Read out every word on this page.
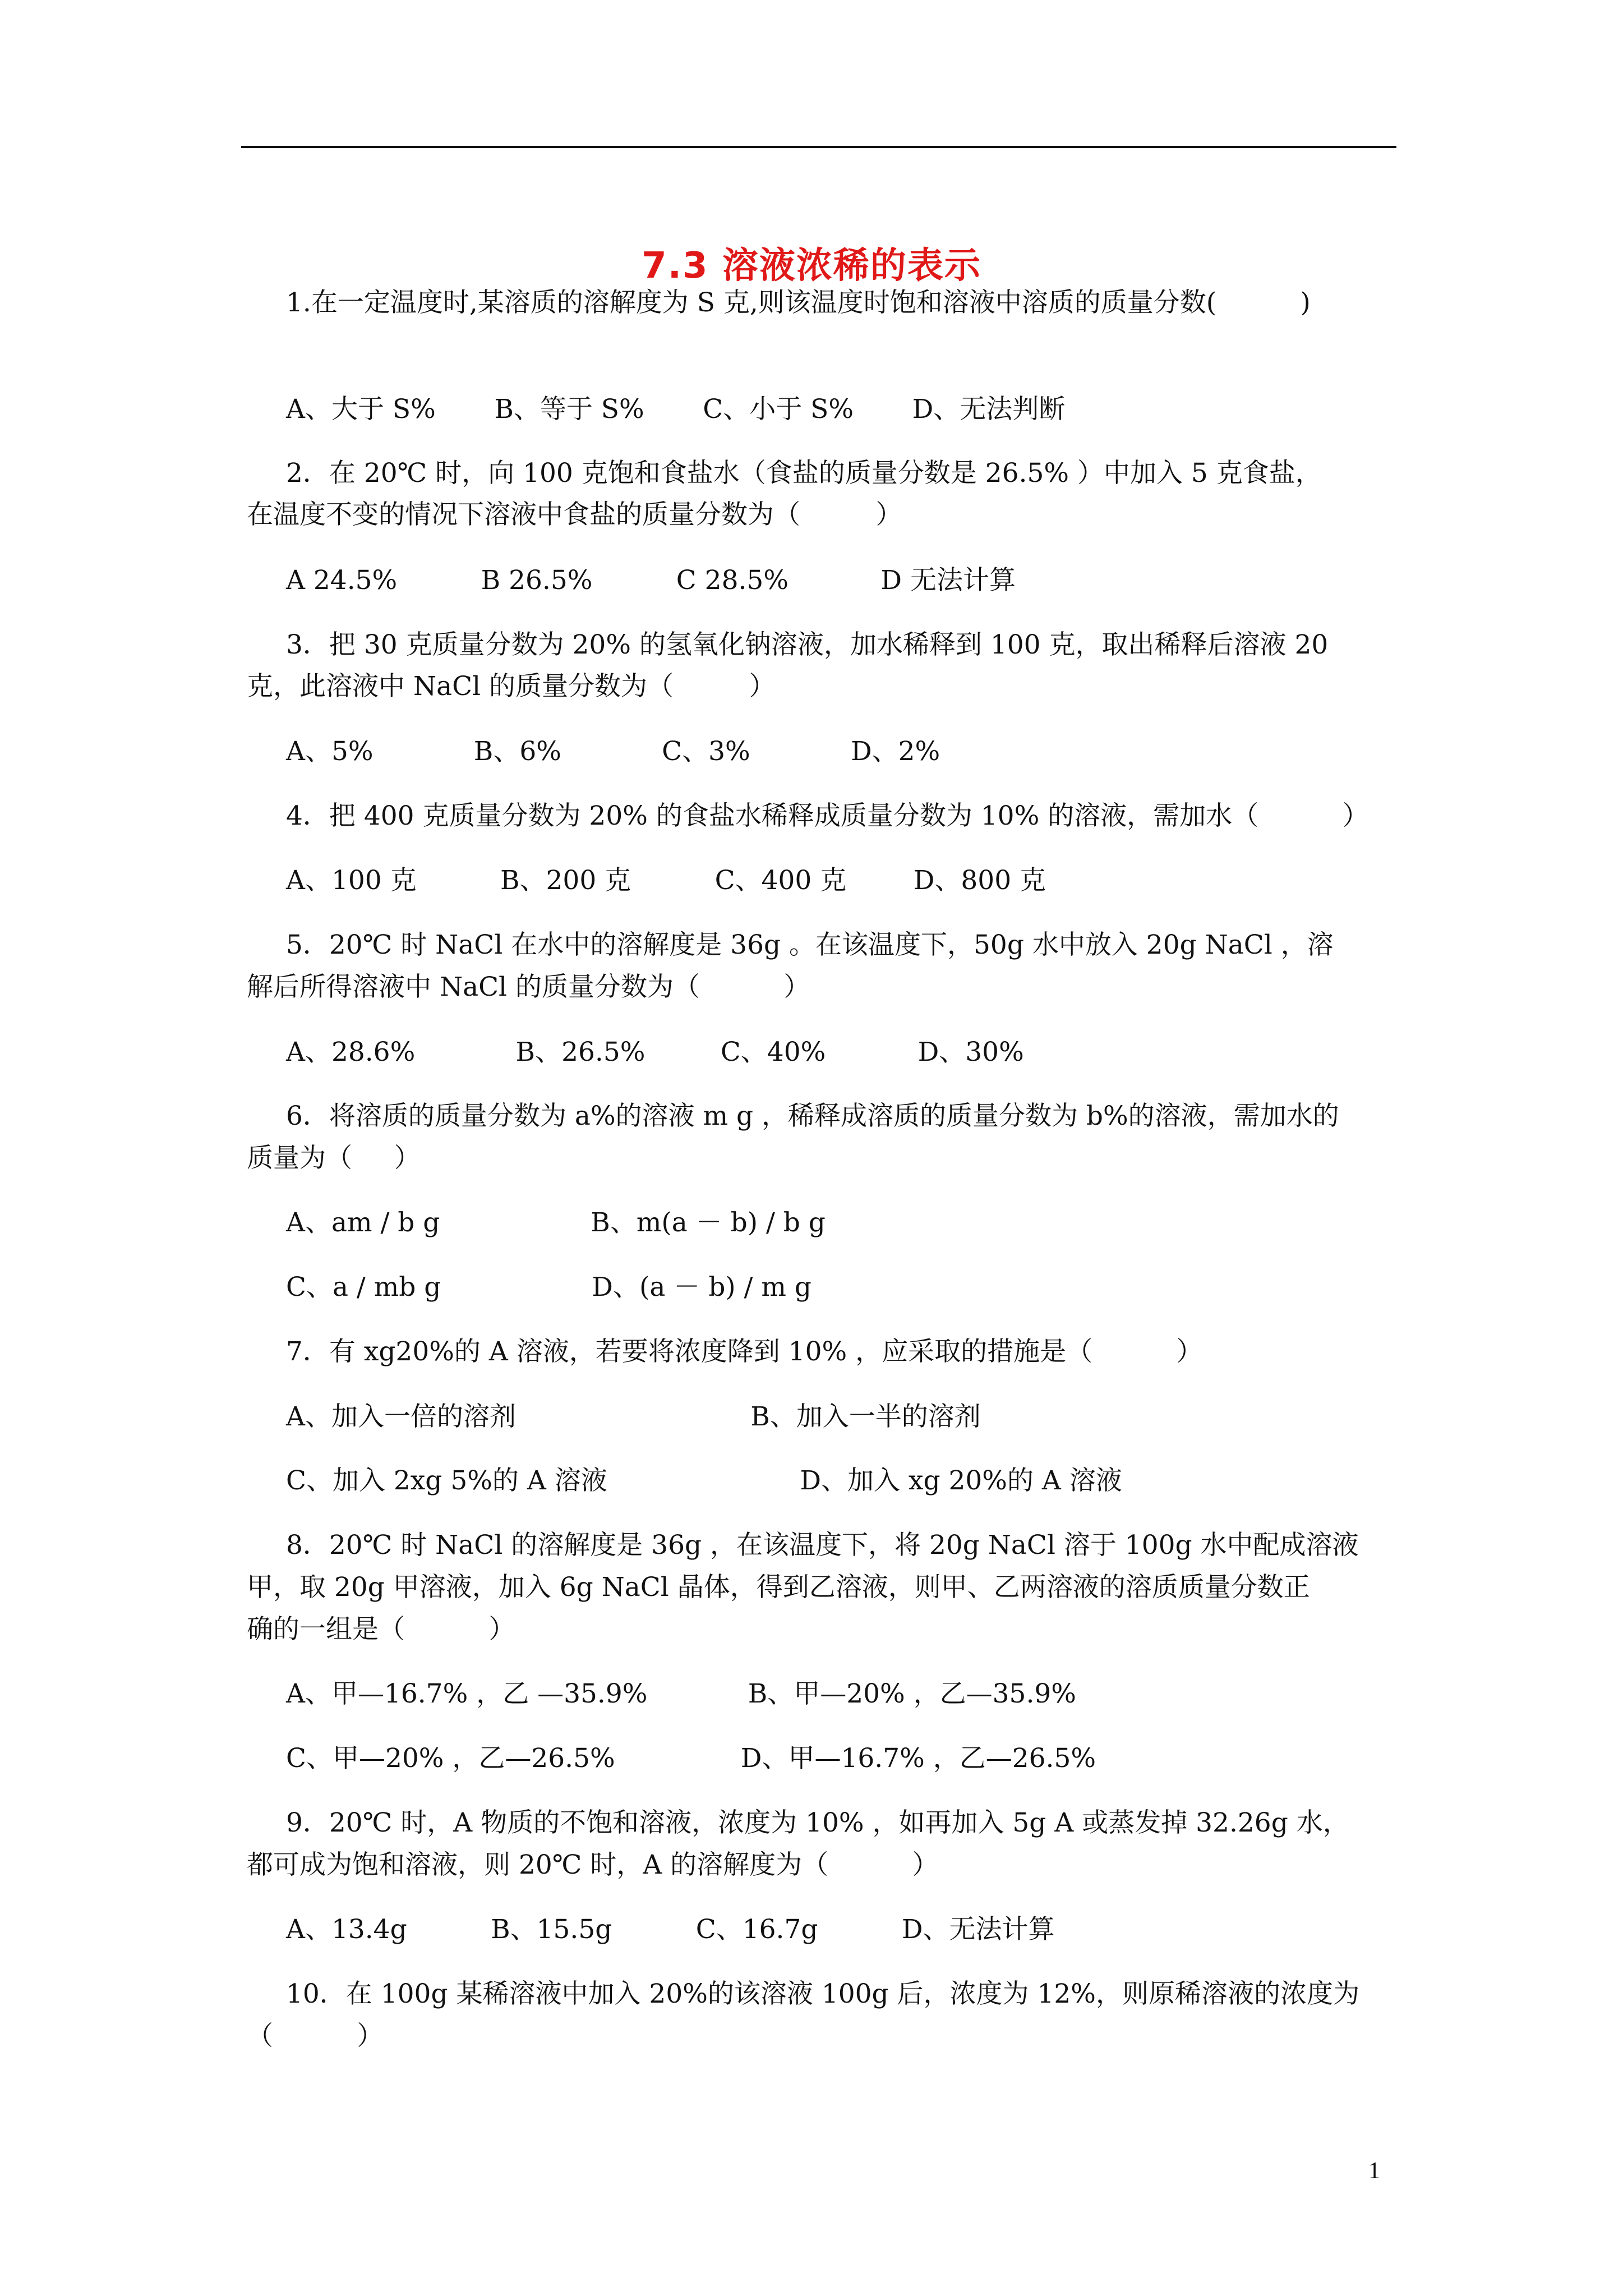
7.3 溶液浓稀的表示
1.在一定温度时,某溶质的溶解度为 S 克,则该温度时饱和溶液中溶质的质量分数(          )
A、大于 S%       B、等于 S%       C、小于 S%       D、无法判断
2．在 20℃ 时，向 100 克饱和食盐水（食盐的质量分数是 26.5% ）中加入 5 克食盐，
在温度不变的情况下溶液中食盐的质量分数为（         ）
A 24.5%          B 26.5%          C 28.5%           D 无法计算
3．把 30 克质量分数为 20% 的氢氧化钠溶液，加水稀释到 100 克，取出稀释后溶液 20
克，此溶液中 NaCl 的质量分数为（         ）
A、5%            B、6%            C、3%            D、2%
4．把 400 克质量分数为 20% 的食盐水稀释成质量分数为 10% 的溶液，需加水（          ）
A、100 克          B、200 克          C、400 克        D、800 克
5．20℃ 时 NaCl 在水中的溶解度是 36g 。在该温度下，50g 水中放入 20g NaCl ，溶
解后所得溶液中 NaCl 的质量分数为（          ）
A、28.6%            B、26.5%         C、40%           D、30%
6．将溶质的质量分数为 a%的溶液 m g ，稀释成溶质的质量分数为 b%的溶液，需加水的
质量为（     ）
A、am / b g                  B、m(a － b) / b g
C、a / mb g                  D、(a － b) / m g
7．有 xg20%的 A 溶液，若要将浓度降到 10% ，应采取的措施是（          ）
A、加入一倍的溶剂                            B、加入一半的溶剂
C、加入 2xg 5%的 A 溶液                       D、加入 xg 20%的 A 溶液
8．20℃ 时 NaCl 的溶解度是 36g ，在该温度下，将 20g NaCl 溶于 100g 水中配成溶液
甲，取 20g 甲溶液，加入 6g NaCl 晶体，得到乙溶液，则甲、乙两溶液的溶质质量分数正
确的一组是（          ）
A、甲—16.7% ，乙 —35.9%            B、甲—20% ，乙—35.9%
C、甲—20% ，乙—26.5%               D、甲—16.7% ，乙—26.5%
9．20℃ 时，A 物质的不饱和溶液，浓度为 10% ，如再加入 5g A 或蒸发掉 32.26g 水，
都可成为饱和溶液，则 20℃ 时，A 的溶解度为（          ）
A、13.4g          B、15.5g          C、16.7g          D、无法计算
10．在 100g 某稀溶液中加入 20%的该溶液 100g 后，浓度为 12%，则原稀溶液的浓度为
（          ）
1
